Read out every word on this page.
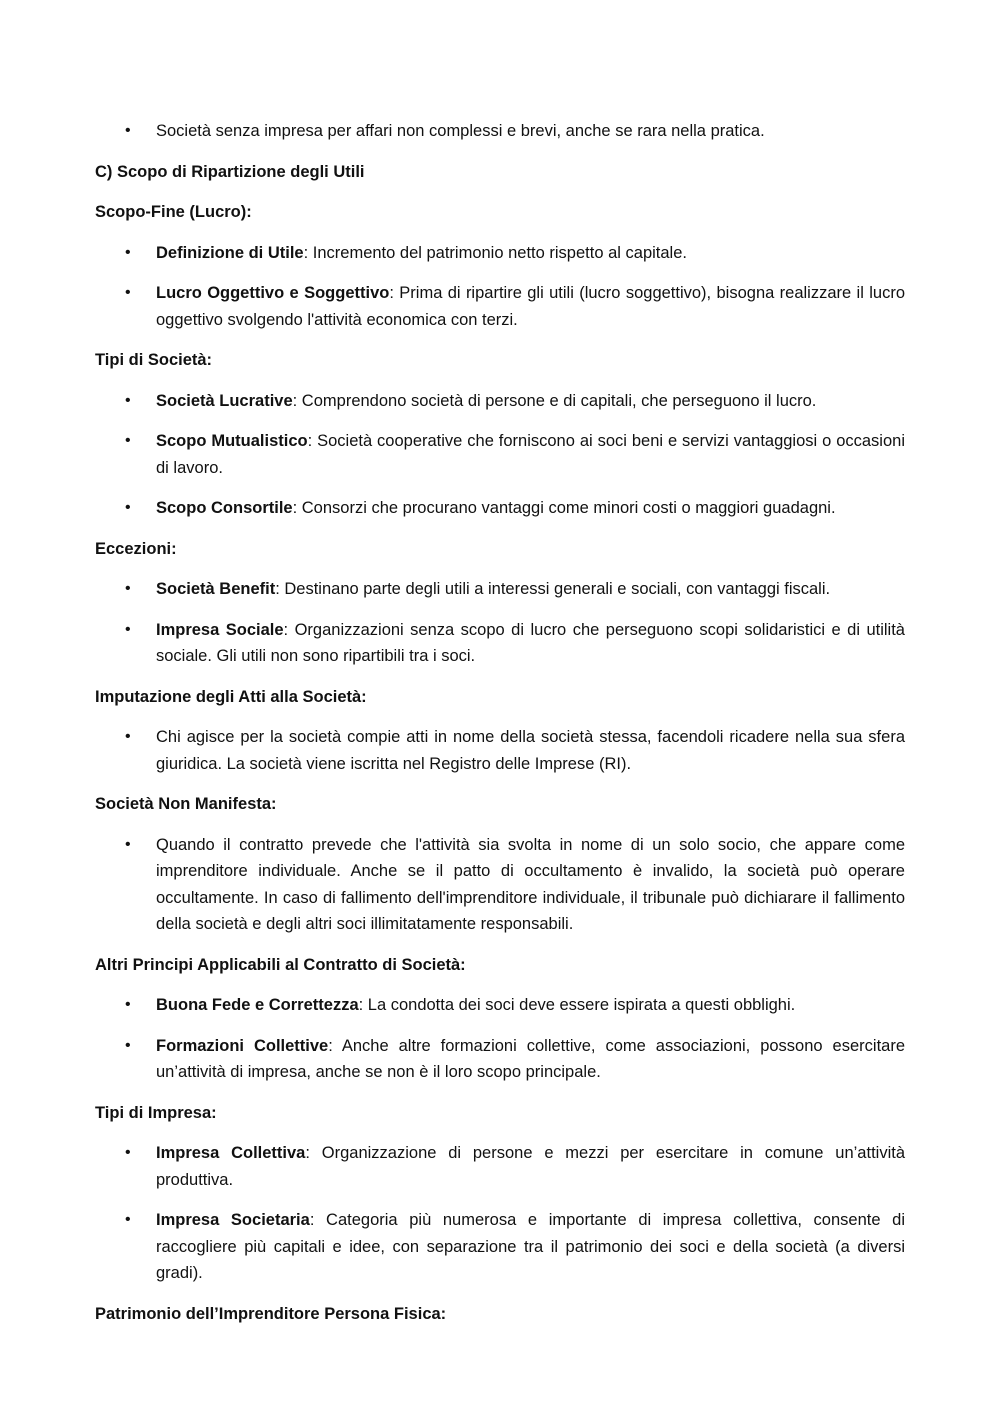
• Società senza impresa per affari non complessi e brevi, anche se rara nella pratica.
C) Scopo di Ripartizione degli Utili
Scopo-Fine (Lucro):
• Definizione di Utile: Incremento del patrimonio netto rispetto al capitale.
• Lucro Oggettivo e Soggettivo: Prima di ripartire gli utili (lucro soggettivo), bisogna realizzare il lucro oggettivo svolgendo l'attività economica con terzi.
Tipi di Società:
• Società Lucrative: Comprendono società di persone e di capitali, che perseguono il lucro.
• Scopo Mutualistico: Società cooperative che forniscono ai soci beni e servizi vantaggiosi o occasioni di lavoro.
• Scopo Consortile: Consorzi che procurano vantaggi come minori costi o maggiori guadagni.
Eccezioni:
• Società Benefit: Destinano parte degli utili a interessi generali e sociali, con vantaggi fiscali.
• Impresa Sociale: Organizzazioni senza scopo di lucro che perseguono scopi solidaristici e di utilità sociale. Gli utili non sono ripartibili tra i soci.
Imputazione degli Atti alla Società:
• Chi agisce per la società compie atti in nome della società stessa, facendoli ricadere nella sua sfera giuridica. La società viene iscritta nel Registro delle Imprese (RI).
Società Non Manifesta:
• Quando il contratto prevede che l'attività sia svolta in nome di un solo socio, che appare come imprenditore individuale. Anche se il patto di occultamento è invalido, la società può operare occultamente. In caso di fallimento dell'imprenditore individuale, il tribunale può dichiarare il fallimento della società e degli altri soci illimitatamente responsabili.
Altri Principi Applicabili al Contratto di Società:
• Buona Fede e Correttezza: La condotta dei soci deve essere ispirata a questi obblighi.
• Formazioni Collettive: Anche altre formazioni collettive, come associazioni, possono esercitare un’attività di impresa, anche se non è il loro scopo principale.
Tipi di Impresa:
• Impresa Collettiva: Organizzazione di persone e mezzi per esercitare in comune un’attività produttiva.
• Impresa Societaria: Categoria più numerosa e importante di impresa collettiva, consente di raccogliere più capitali e idee, con separazione tra il patrimonio dei soci e della società (a diversi gradi).
Patrimonio dell’Imprenditore Persona Fisica:
